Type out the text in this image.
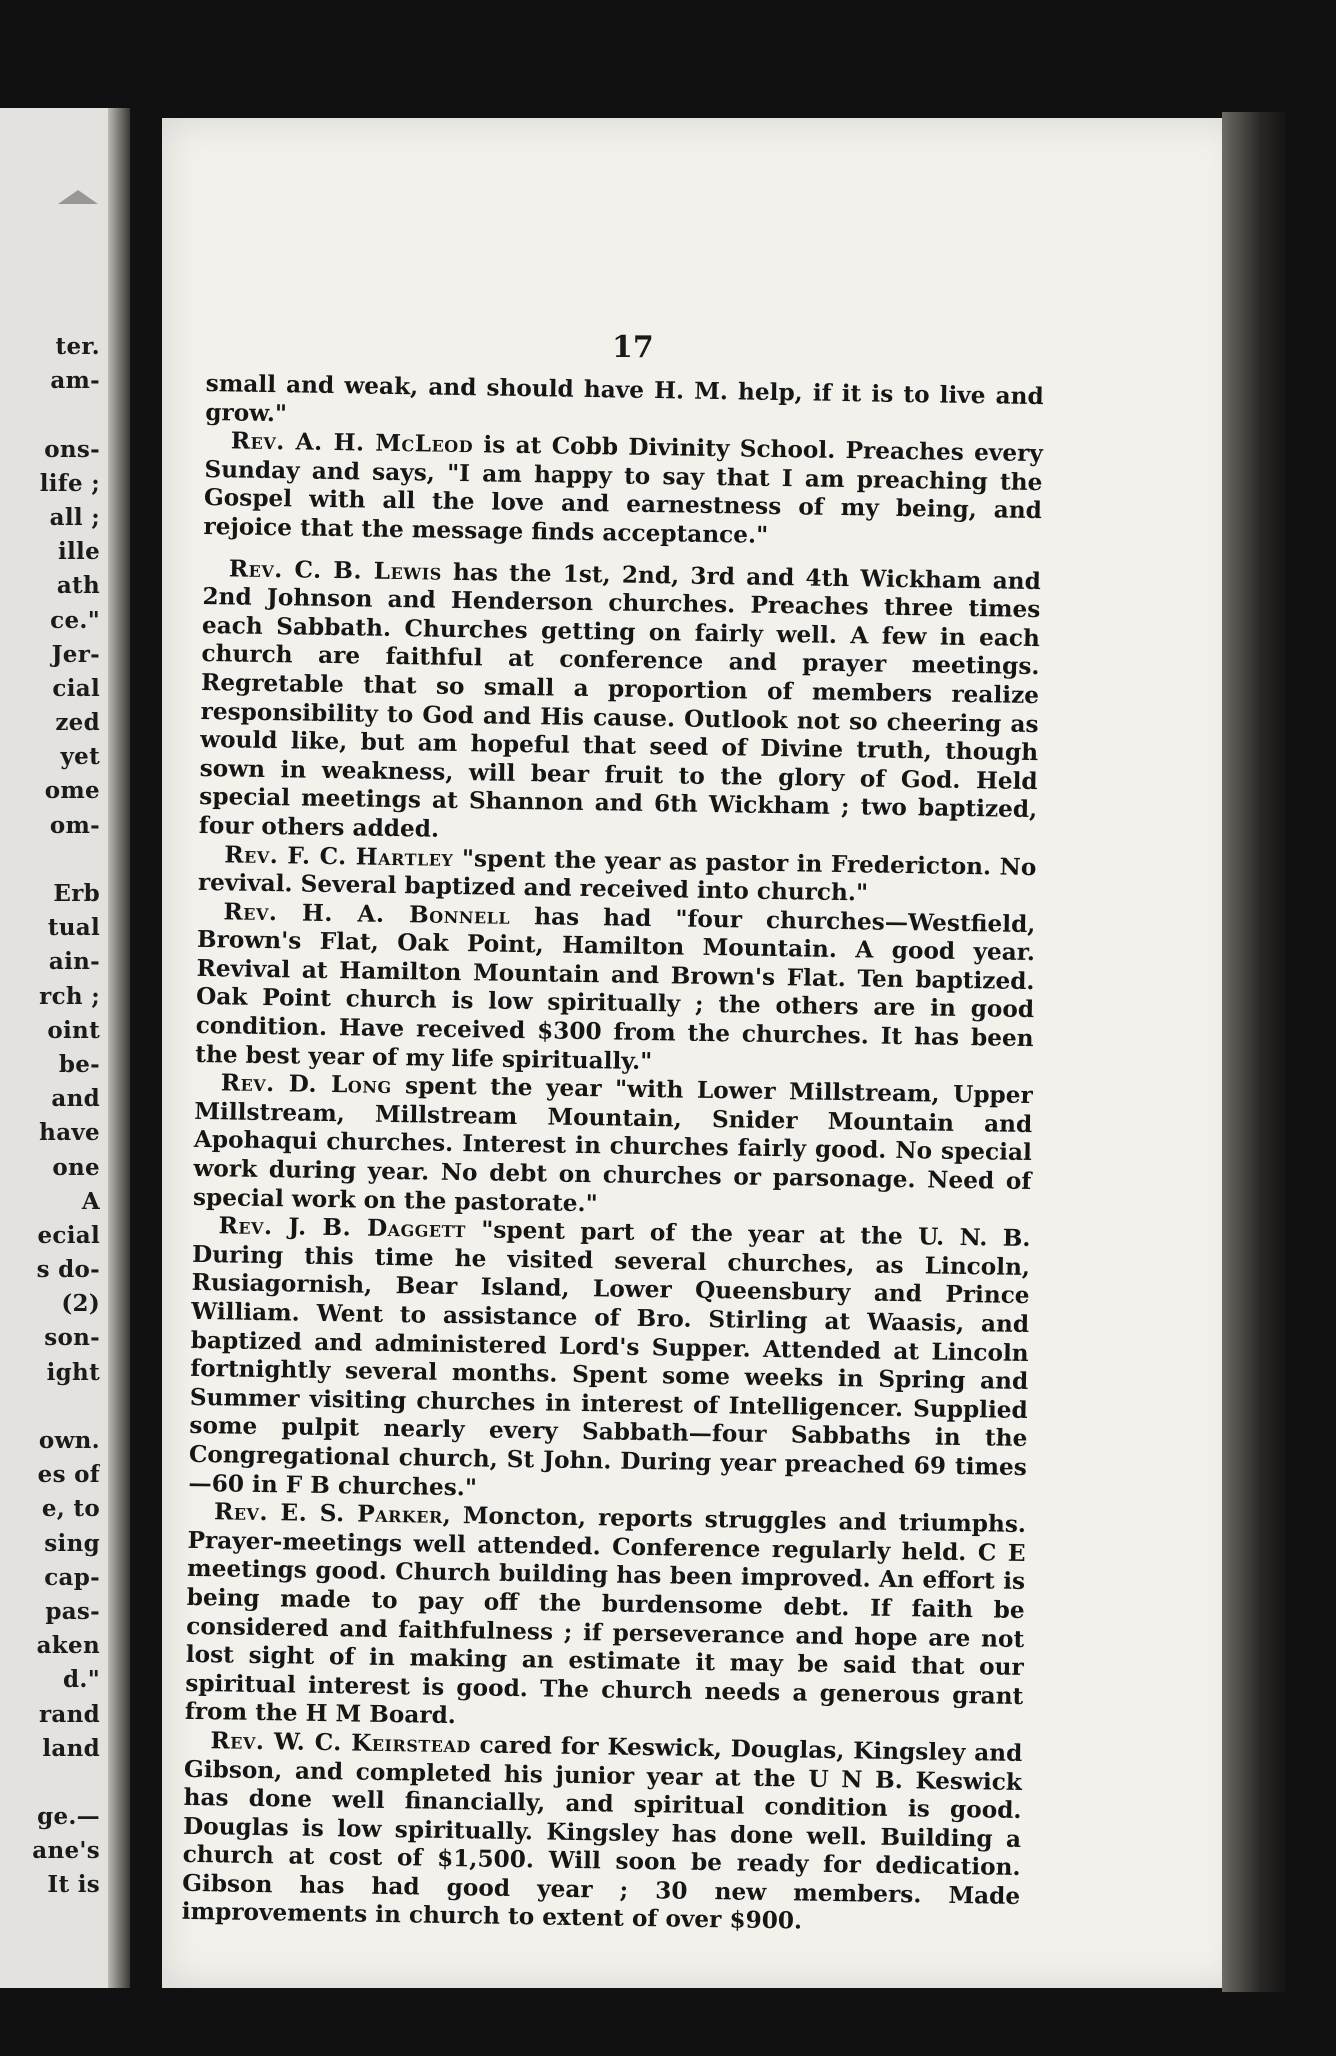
ter.
am-
ons-
life ;
all ;
ille
ath
ce."
Jer-
cial
zed
yet
ome
om-
Erb
tual
ain-
rch ;
oint
be-
and
have
one
A
ecial
s do-
(2)
son-
ight
own.
es of
e, to
sing
cap-
pas-
aken
d."
rand
land
ge.—
ane's
It is
17

small and weak, and should have H. M. help, if it is to live and grow."

Rev. A. H. McLeod is at Cobb Divinity School. Preaches every Sunday and says, "I am happy to say that I am preaching the Gospel with all the love and earnestness of my being, and rejoice that the message finds acceptance."

Rev. C. B. Lewis has the 1st, 2nd, 3rd and 4th Wickham and 2nd Johnson and Henderson churches. Preaches three times each Sabbath. Churches getting on fairly well. A few in each church are faithful at conference and prayer meetings. Regretable that so small a proportion of members realize responsibility to God and His cause. Outlook not so cheering as would like, but am hopeful that seed of Divine truth, though sown in weakness, will bear fruit to the glory of God. Held special meetings at Shannon and 6th Wickham ; two baptized, four others added.

Rev. F. C. Hartley "spent the year as pastor in Fredericton. No revival. Several baptized and received into church."

Rev. H. A. Bonnell has had "four churches—Westfield, Brown's Flat, Oak Point, Hamilton Mountain. A good year. Revival at Hamilton Mountain and Brown's Flat. Ten baptized. Oak Point church is low spiritually ; the others are in good condition. Have received $300 from the churches. It has been the best year of my life spiritually."

Rev. D. Long spent the year "with Lower Millstream, Upper Millstream, Millstream Mountain, Snider Mountain and Apohaqui churches. Interest in churches fairly good. No special work during year. No debt on churches or parsonage. Need of special work on the pastorate."

Rev. J. B. Daggett "spent part of the year at the U. N. B. During this time he visited several churches, as Lincoln, Rusiagornish, Bear Island, Lower Queensbury and Prince William. Went to assistance of Bro. Stirling at Waasis, and baptized and administered Lord's Supper. Attended at Lincoln fortnightly several months. Spent some weeks in Spring and Summer visiting churches in interest of Intelligencer. Supplied some pulpit nearly every Sabbath—four Sabbaths in the Congregational church, St John. During year preached 69 times—60 in F B churches."

Rev. E. S. Parker, Moncton, reports struggles and triumphs. Prayer-meetings well attended. Conference regularly held. C E meetings good. Church building has been improved. An effort is being made to pay off the burdensome debt. If faith be considered and faithfulness ; if perseverance and hope are not lost sight of in making an estimate it may be said that our spiritual interest is good. The church needs a generous grant from the H M Board.

Rev. W. C. Keirstead cared for Keswick, Douglas, Kingsley and Gibson, and completed his junior year at the U N B. Keswick has done well financially, and spiritual condition is good. Douglas is low spiritually. Kingsley has done well. Building a church at cost of $1,500. Will soon be ready for dedication. Gibson has had good year ; 30 new members. Made improvements in church to extent of over $900.
